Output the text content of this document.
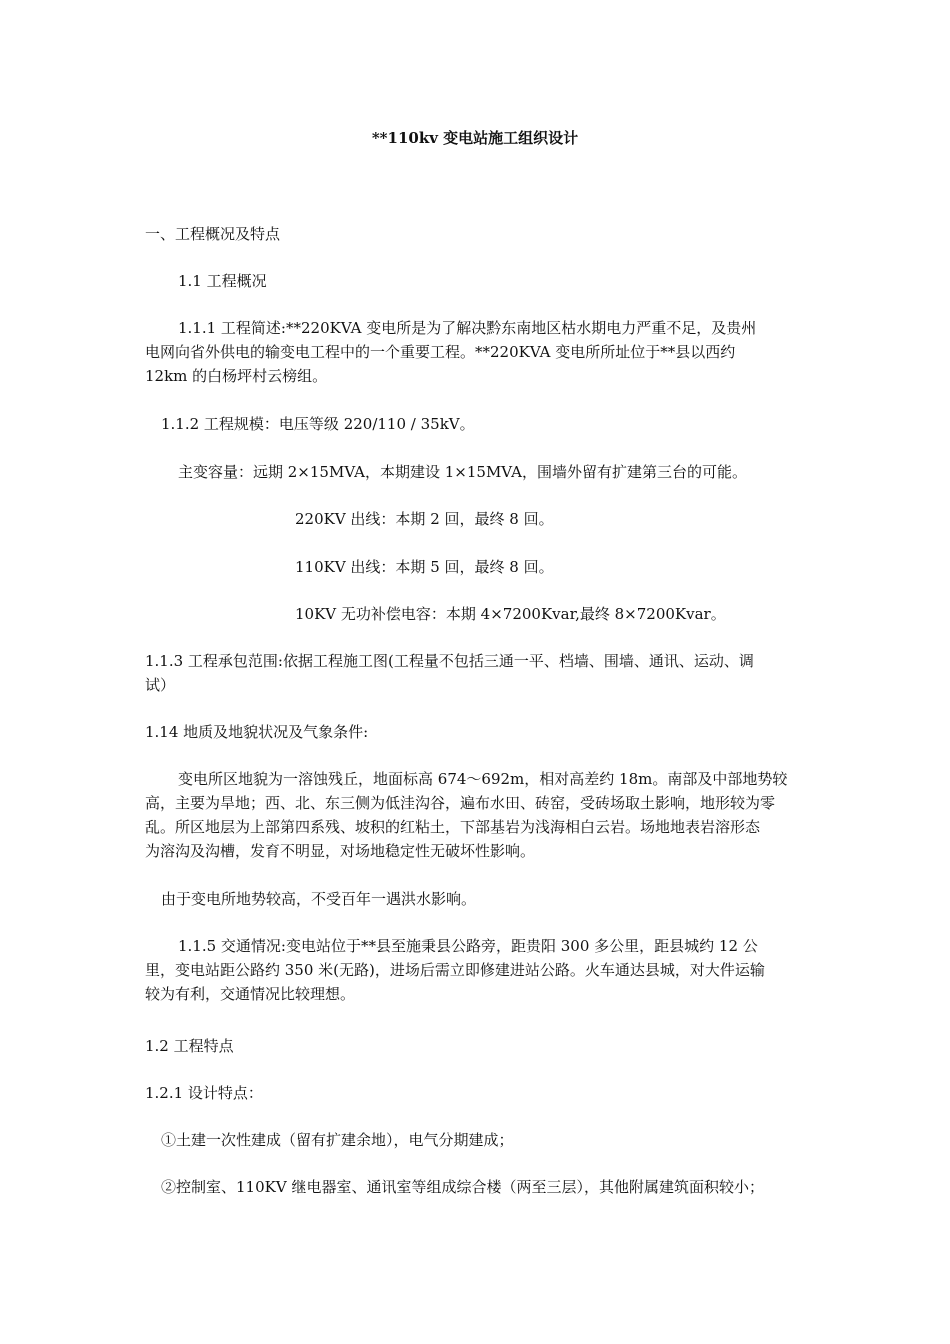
**110kv 变电站施工组织设计
一、工程概况及特点
1.1 工程概况
1.1.1 工程简述:**220KVA 变电所是为了解决黔东南地区枯水期电力严重不足，及贵州
电网向省外供电的输变电工程中的一个重要工程。**220KVA 变电所所址位于**县以西约
12km 的白杨坪村云榜组。
1.1.2 工程规模：电压等级 220/110 / 35kV。
主变容量：远期 2×15MVA，本期建设 1×15MVA，围墙外留有扩建第三台的可能。
220KV 出线：本期 2 回，最终 8 回。
110KV 出线：本期 5 回，最终 8 回。
10KV 无功补偿电容：本期 4×7200Kvar,最终 8×7200Kvar。
1.1.3 工程承包范围:依据工程施工图(工程量不包括三通一平、档墙、围墙、通讯、运动、调
试）
1.14 地质及地貌状况及气象条件:
变电所区地貌为一溶蚀残丘，地面标高 674～692m，相对高差约 18m。南部及中部地势较
高，主要为旱地；西、北、东三侧为低洼沟谷，遍布水田、砖窑，受砖场取土影响，地形较为零
乱。所区地层为上部第四系残、坡积的红粘土，下部基岩为浅海相白云岩。场地地表岩溶形态
为溶沟及沟槽，发育不明显，对场地稳定性无破坏性影响。
由于变电所地势较高，不受百年一遇洪水影响。
1.1.5 交通情况:变电站位于**县至施秉县公路旁，距贵阳 300 多公里，距县城约 12 公
里，变电站距公路约 350 米(无路)，进场后需立即修建进站公路。火车通达县城，对大件运输
较为有利，交通情况比较理想。
1.2 工程特点
1.2.1 设计特点：
①土建一次性建成（留有扩建余地），电气分期建成；
②控制室、110KV 继电器室、通讯室等组成综合楼（两至三层），其他附属建筑面积较小；
